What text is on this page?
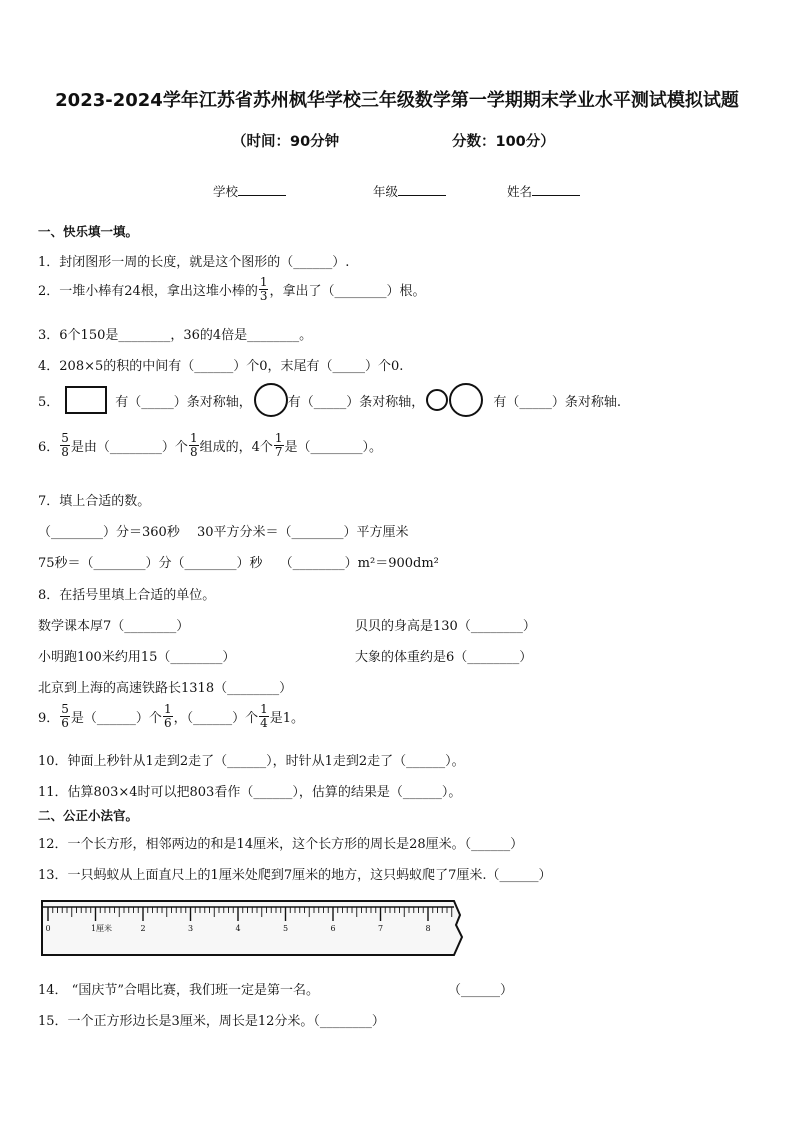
2023-2024学年江苏省苏州枫华学校三年级数学第一学期期末学业水平测试模拟试题
（时间：90分钟	分数：100分）
学校	年级	姓名
一、快乐填一填。
1．封闭图形一周的长度，就是这个图形的（______）.
2．一堆小棒有24根，拿出这堆小棒的 $\frac{1}{3}$ ，拿出了（________）根。
3．6个150是________，36的4倍是________。
4．208×5的积的中间有（______）个0，末尾有（_____）个0.
5．	有（_____）条对称轴，	有（_____）条对称轴，	有（_____）条对称轴.
6． $\frac{5}{8}$ 是由（________）个 $\frac{1}{8}$ 组成的，4个 $\frac{1}{7}$ 是（________）。
7．填上合适的数。
（________）分＝360秒　 30平方分米＝（________）平方厘米
75秒＝（________）分（________）秒　 （________）m²＝900dm²
8．在括号里填上合适的单位。
数学课本厚7（________）	贝贝的身高是130（________）
小明跑100米约用15（________）	大象的体重约是6（________）
北京到上海的高速铁路长1318（________）
9． $\frac{5}{6}$ 是（______）个 $\frac{1}{6}$ ，（______）个 $\frac{1}{4}$ 是1。
10．钟面上秒针从1走到2走了（______），时针从1走到2走了（______）。
11．估算803×4时可以把803看作（______），估算的结果是（______）。
二、公正小法官。
12．一个长方形，相邻两边的和是14厘米，这个长方形的周长是28厘米。（______）
13．一只蚂蚁从上面直尺上的1厘米处爬到7厘米的地方，这只蚂蚁爬了7厘米.（______）
0	1厘米	2	3	4	5	6	7	8
14． “国庆节”合唱比赛，我们班一定是第一名。	（______）
15．一个正方形边长是3厘米，周长是12分米。（________）
